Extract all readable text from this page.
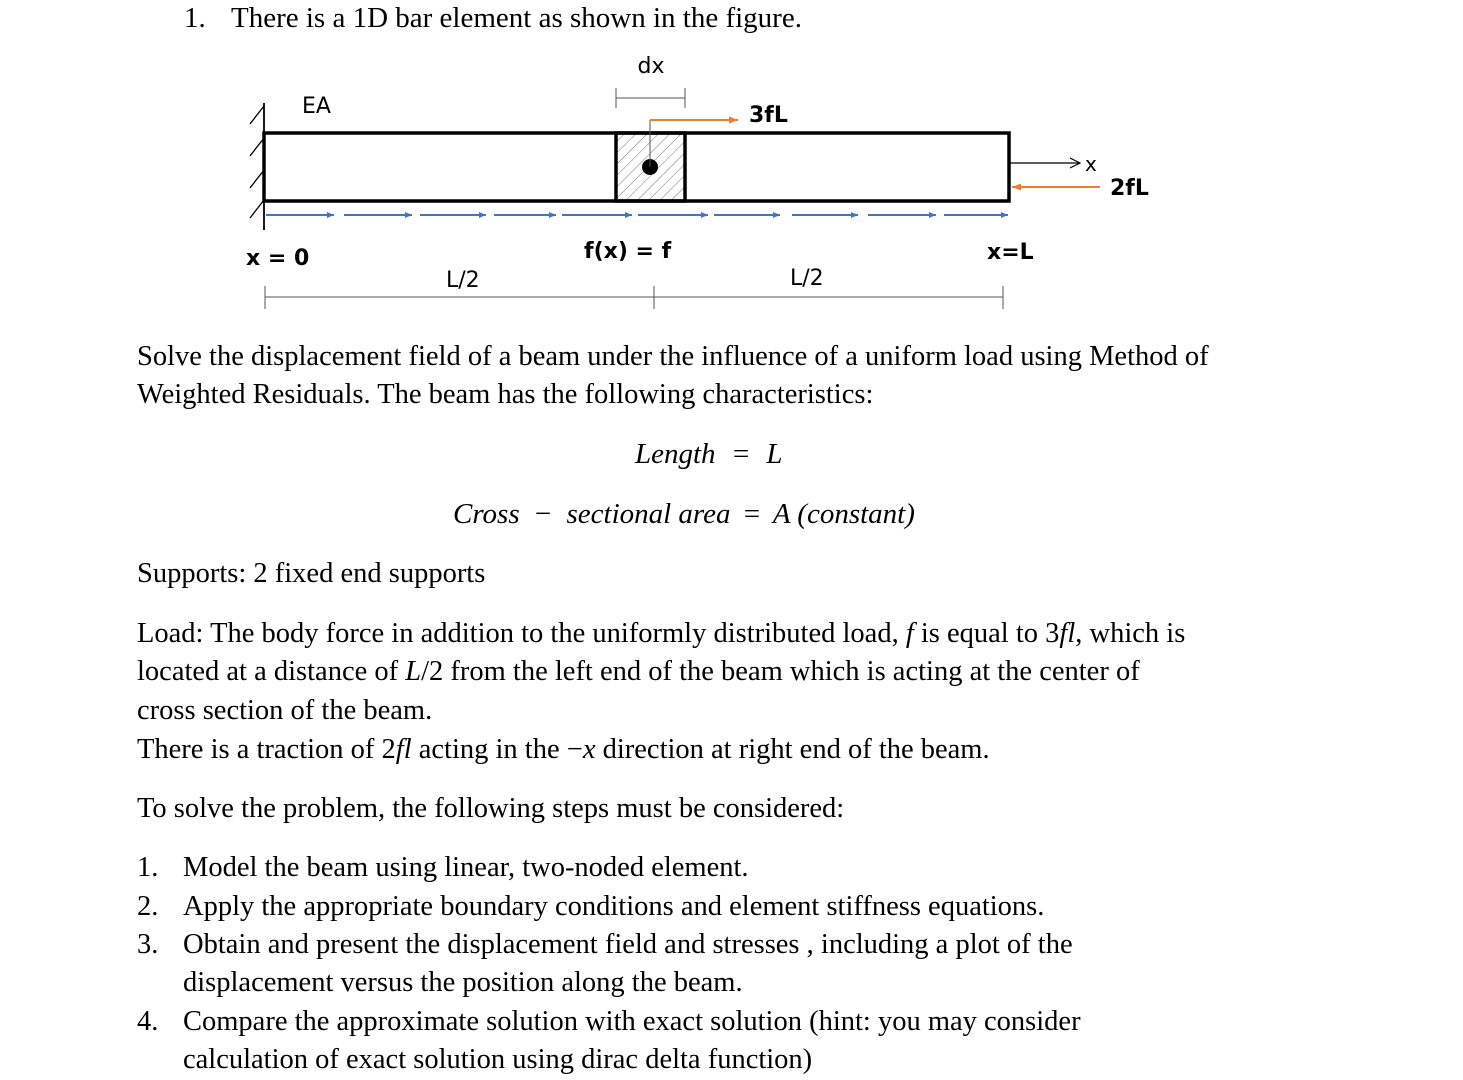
1. There is a 1D bar element as shown in the figure.
dx
EA	3fL
x
2fL
x = 0	f(x) = f	x=L
L/2	L/2
Solve the displacement field of a beam under the influence of a uniform load using Method of
Weighted Residuals. The beam has the following characteristics:
Length = L
Cross − sectional area = A (constant)
Supports: 2 fixed end supports
Load: The body force in addition to the uniformly distributed load, f is equal to 3fl, which is
located at a distance of L/2 from the left end of the beam which is acting at the center of
cross section of the beam.
There is a traction of 2fl acting in the −x direction at right end of the beam.
To solve the problem, the following steps must be considered:
1. Model the beam using linear, two-noded element.
2. Apply the appropriate boundary conditions and element stiffness equations.
3. Obtain and present the displacement field and stresses , including a plot of the
displacement versus the position along the beam.
4. Compare the approximate solution with exact solution (hint: you may consider
calculation of exact solution using dirac delta function)
